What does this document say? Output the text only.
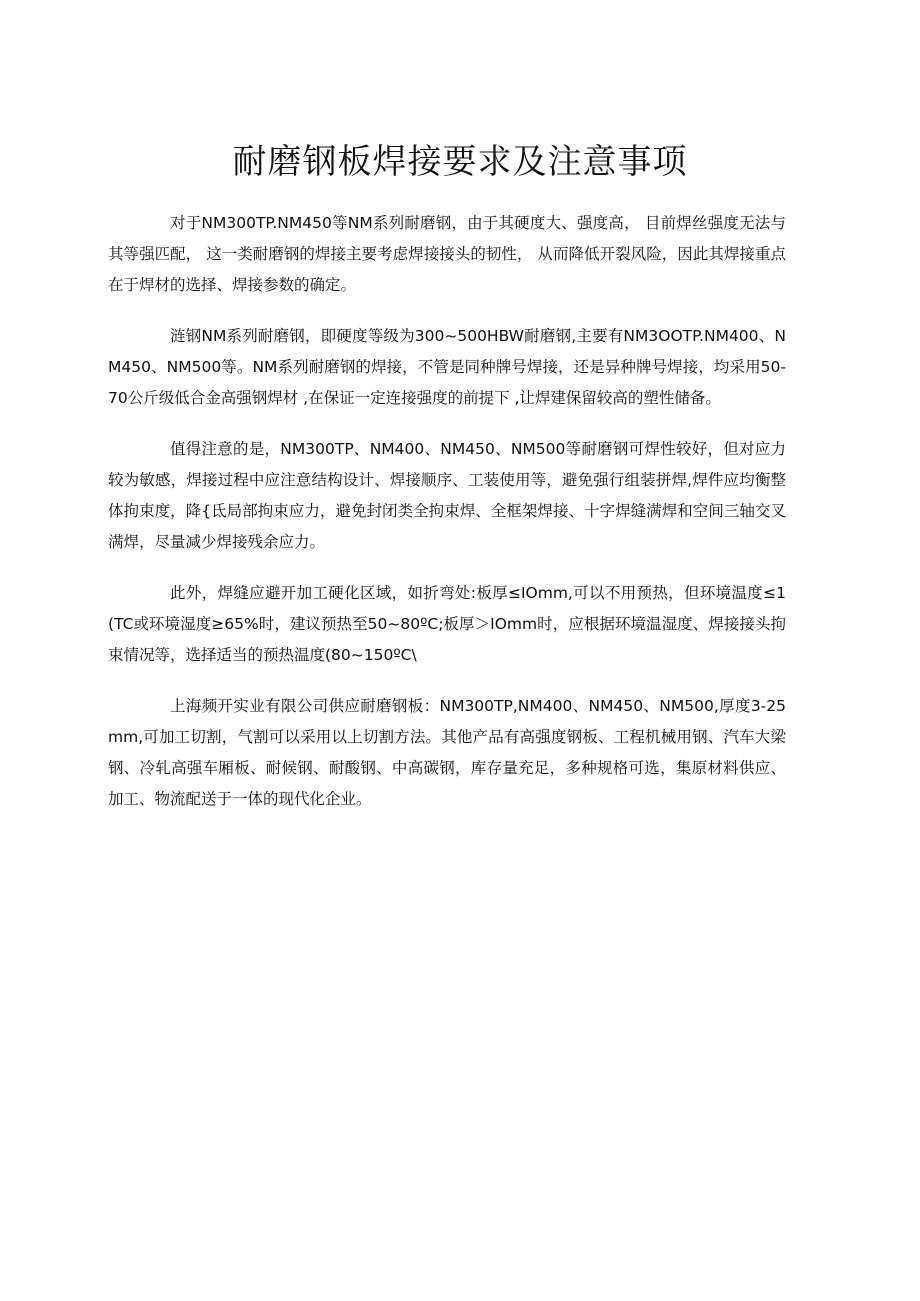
耐磨钢板焊接要求及注意事项

对于NM300TP.NM450等NM系列耐磨钢，由于其硬度大、强度高， 目前焊丝强度无法与其等强匹配， 这一类耐磨钢的焊接主要考虑焊接接头的韧性， 从而降低开裂风险，因此其焊接重点在于焊材的选择、焊接参数的确定。

涟钢NM系列耐磨钢，即硬度等级为300~500HBW耐磨钢,主要有NM3OOTP.NM400、NM450、NM500等。NM系列耐磨钢的焊接，不管是同种牌号焊接，还是异种牌号焊接，均采用50-70公斤级低合金高强钢焊材 ,在保证一定连接强度的前提下 ,让焊建保留较高的塑性储备。

值得注意的是，NM300TP、NM400、NM450、NM500等耐磨钢可焊性较好，但对应力较为敏感，焊接过程中应注意结构设计、焊接顺序、工装使用等，避免强行组装拼焊,焊件应均衡整体拘束度，降{氐局部拘束应力，避免封闭类全拘束焊、全框架焊接、十字焊缝满焊和空间三轴交叉满焊，尽量减少焊接残余应力。

此外，焊缝应避开加工硬化区域，如折弯处:板厚≤IOmm,可以不用预热，但环境温度≤1(TC或环境湿度≥65%时，建议预热至50~80ºC;板厚＞IOmm时，应根据环境温湿度、焊接接头拘束情况等，选择适当的预热温度(80~150ºC\

上海频开实业有限公司供应耐磨钢板：NM300TP,NM400、NM450、NM500,厚度3-25mm,可加工切割，气割可以采用以上切割方法。其他产品有高强度钢板、工程机械用钢、汽车大梁钢、冷轧高强车厢板、耐候钢、耐酸钢、中高碳钢，库存量充足，多种规格可选，集原材料供应、加工、物流配送于一体的现代化企业。
